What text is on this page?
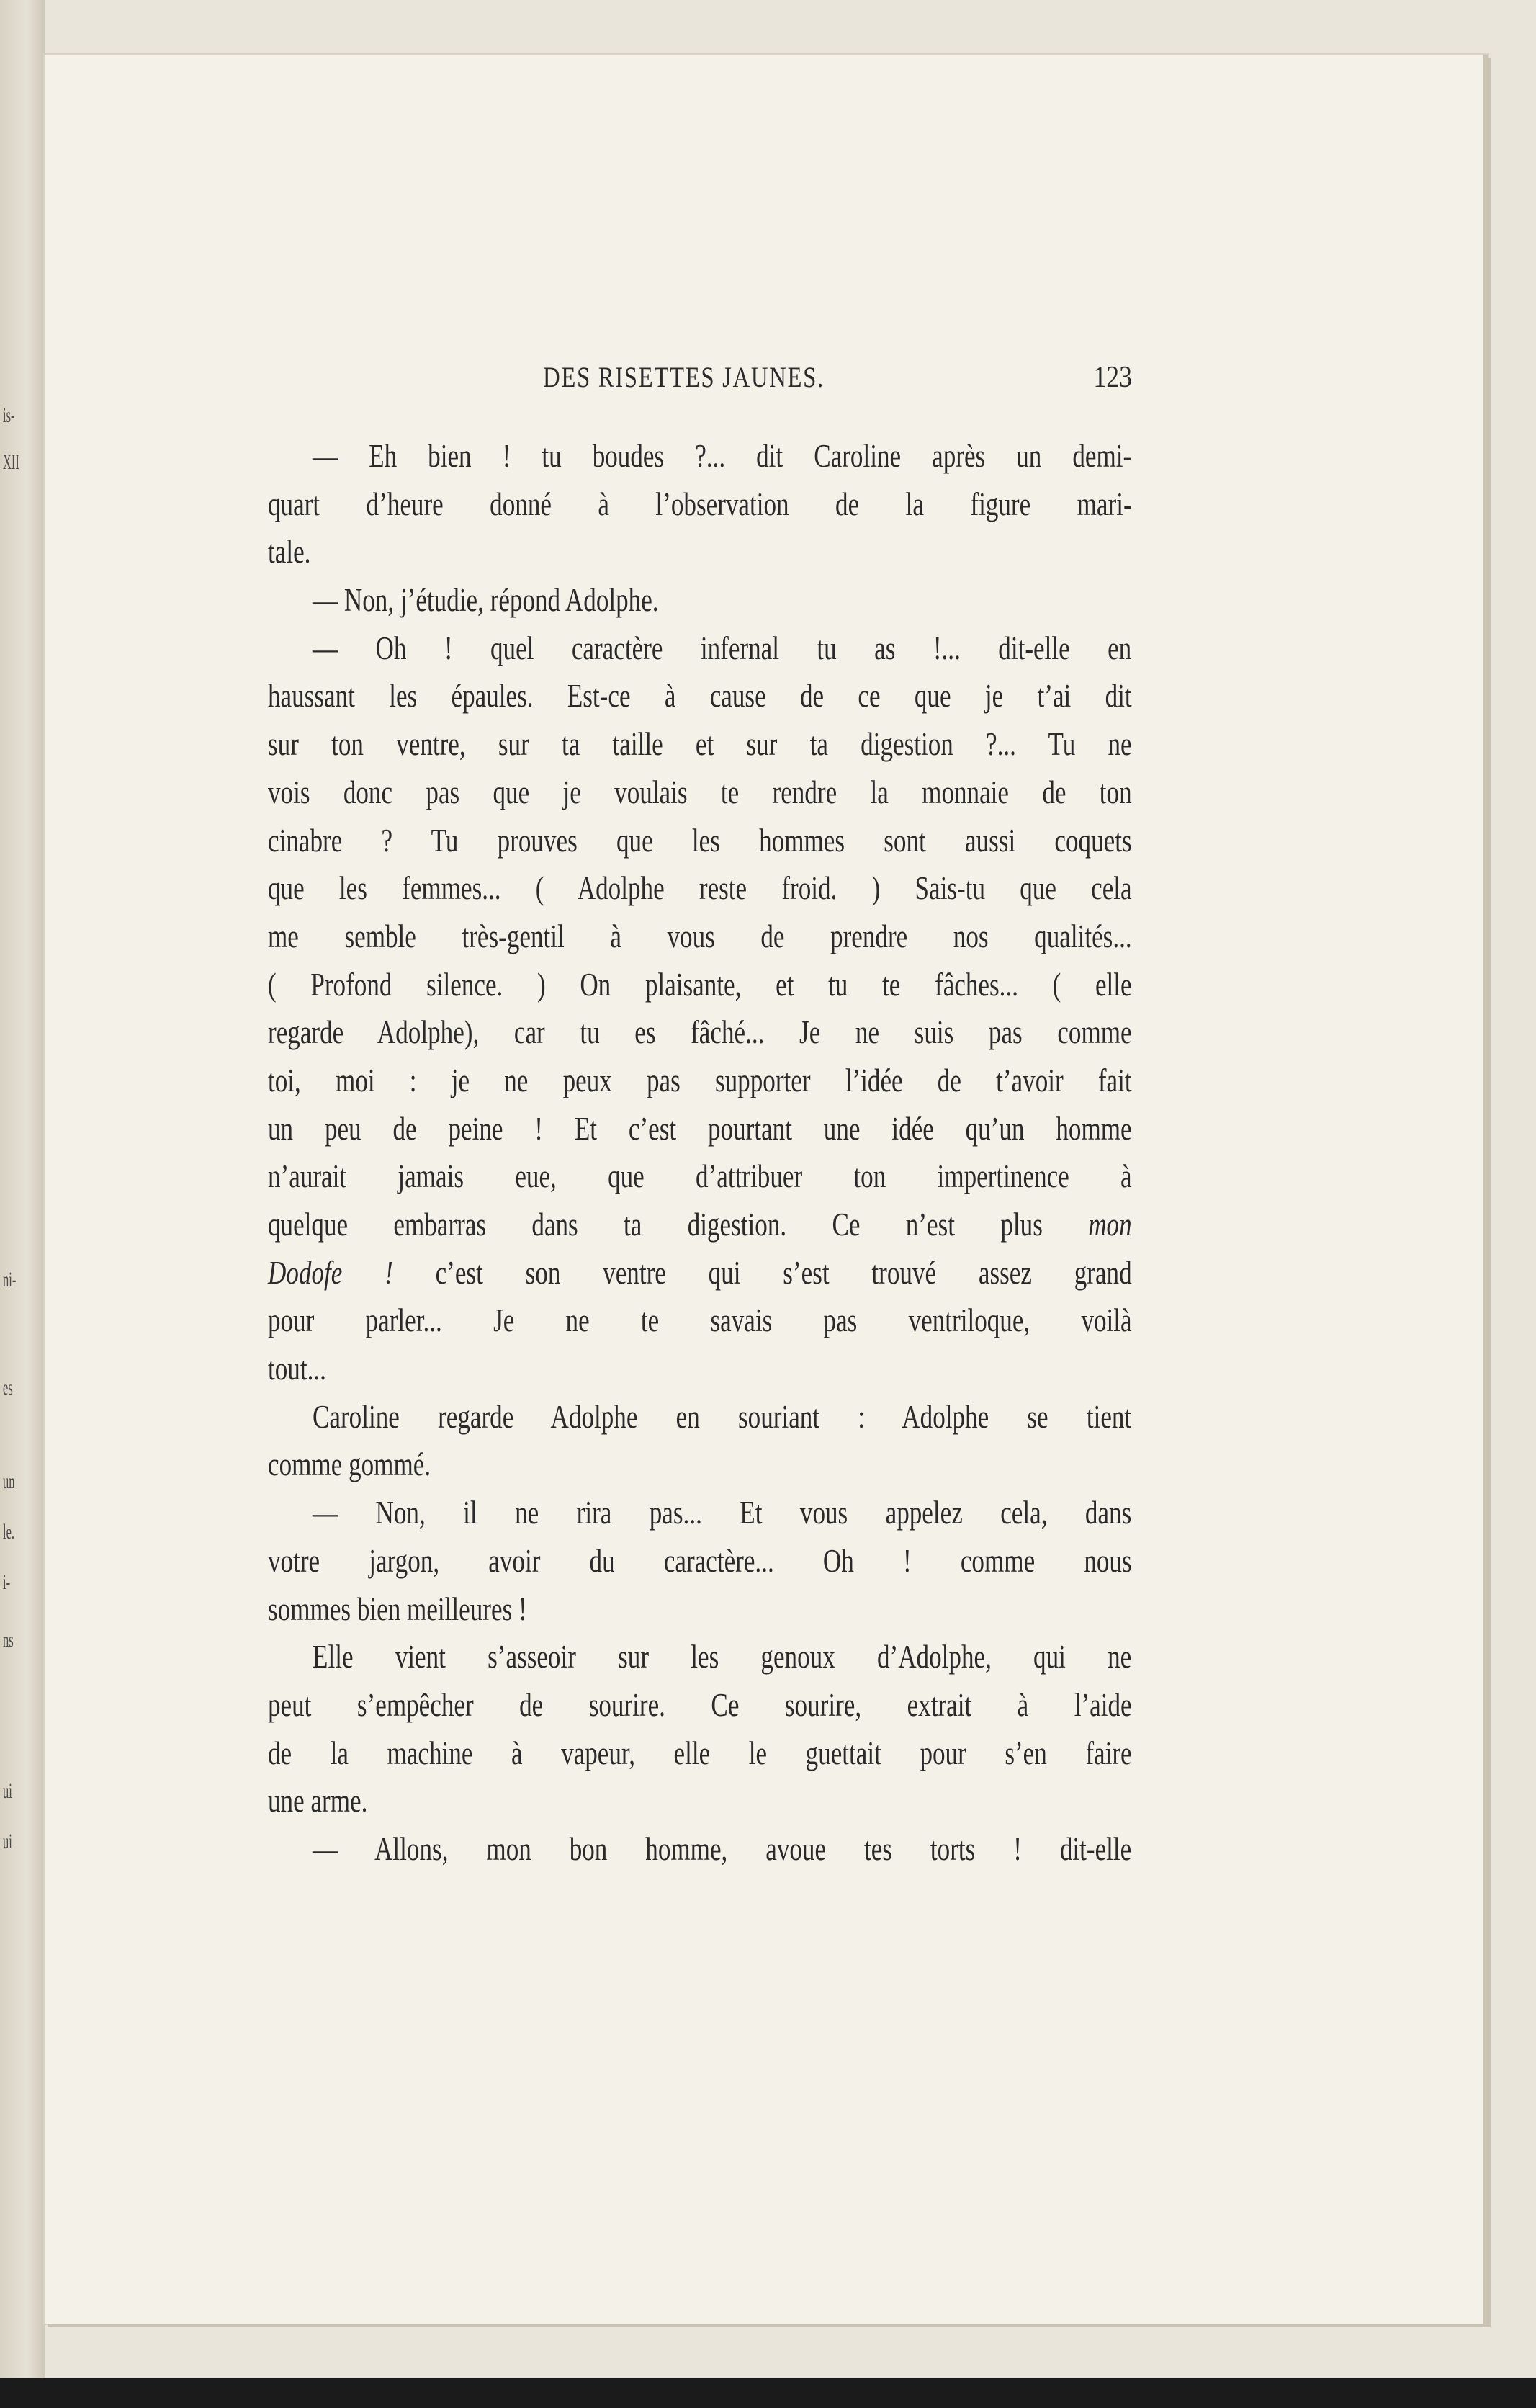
is-
XII
ni-
es
un
le.
i-
ns
ui
ui
DES RISETTES JAUNES.	123
— Eh bien ! tu boudes ?... dit Caroline après un demi-
quart d’heure donné à l’observation de la figure mari-
tale.
— Non, j’étudie, répond Adolphe.
— Oh ! quel caractère infernal tu as !... dit-elle en
haussant les épaules. Est-ce à cause de ce que je t’ai dit
sur ton ventre, sur ta taille et sur ta digestion ?... Tu ne
vois donc pas que je voulais te rendre la monnaie de ton
cinabre ? Tu prouves que les hommes sont aussi coquets
que les femmes... ( Adolphe reste froid. ) Sais-tu que cela
me semble très-gentil à vous de prendre nos qualités...
( Profond silence. ) On plaisante, et tu te fâches... ( elle
regarde Adolphe), car tu es fâché... Je ne suis pas comme
toi, moi : je ne peux pas supporter l’idée de t’avoir fait
un peu de peine ! Et c’est pourtant une idée qu’un homme
n’aurait jamais eue, que d’attribuer ton impertinence à
quelque embarras dans ta digestion. Ce n’est plus mon
Dodofe ! c’est son ventre qui s’est trouvé assez grand
pour parler... Je ne te savais pas ventriloque, voilà
tout...
Caroline regarde Adolphe en souriant : Adolphe se tient
comme gommé.
— Non, il ne rira pas... Et vous appelez cela, dans
votre jargon, avoir du caractère... Oh ! comme nous
sommes bien meilleures !
Elle vient s’asseoir sur les genoux d’Adolphe, qui ne
peut s’empêcher de sourire. Ce sourire, extrait à l’aide
de la machine à vapeur, elle le guettait pour s’en faire
une arme.
— Allons, mon bon homme, avoue tes torts ! dit-elle
